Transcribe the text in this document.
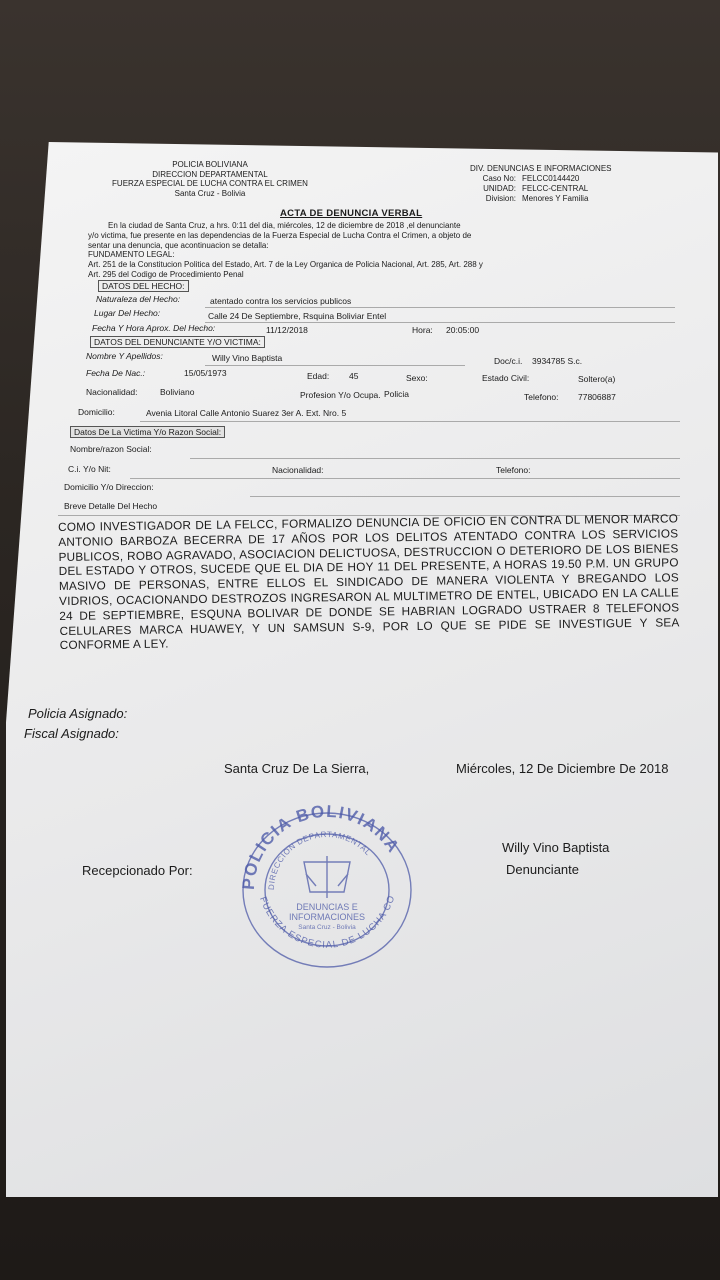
POLICIA BOLIVIANA
DIRECCION DEPARTAMENTAL
FUERZA ESPECIAL DE LUCHA CONTRA EL CRIMEN
Santa Cruz - Bolivia
DIV. DENUNCIAS E INFORMACIONES
Caso No: FELCC0144420
UNIDAD: FELCC-CENTRAL
Division: Menores Y Familia
ACTA DE DENUNCIA VERBAL
En la ciudad de Santa Cruz, a hrs. 0:11 del dia, miércoles, 12 de diciembre de 2018 ,el denunciante
y/o victima, fue presente en las dependencias de la Fuerza Especial de Lucha Contra el Crimen, a objeto de
sentar una denuncia, que acontinuacion se detalla:
FUNDAMENTO LEGAL:
Art. 251 de la Constitucion Politica del Estado, Art. 7 de la Ley Organica de Policia Nacional, Art. 285, Art. 288 y
Art. 295 del Codigo de Procedimiento Penal
DATOS DEL HECHO:
Naturaleza del Hecho:	atentado contra los servicios publicos
Lugar Del Hecho:	Calle 24 De Septiembre, Rsquina Boliviar Entel
Fecha Y Hora Aprox. Del Hecho:	11/12/2018	Hora: 20:05:00
DATOS DEL DENUNCIANTE Y/O VICTIMA:
Nombre Y Apellidos:	Willy Vino Baptista	Doc/c.i. 3934785 S.c.
Fecha De Nac.:	15/05/1973	Edad: 45	Sexo:	Estado Civil:	Soltero(a)
Nacionalidad:	Boliviano	Profesion Y/o Ocupa. Policia	Telefono: 77806887
Domicilio:	Avenia Litoral Calle Antonio Suarez 3er A. Ext. Nro. 5
Datos De La Victima Y/o Razon Social:
Nombre/razon Social:
C.i. Y/o Nit:	Nacionalidad:	Telefono:
Domicilio Y/o Direccion:
Breve Detalle Del Hecho
COMO INVESTIGADOR DE LA FELCC, FORMALIZO DENUNCIA DE OFICIO EN CONTRA DL MENOR MARCO ANTONIO BARBOZA BECERRA DE 17 AÑOS POR LOS DELITOS ATENTADO CONTRA LOS SERVICIOS PUBLICOS, ROBO AGRAVADO, ASOCIACION DELICTUOSA, DESTRUCCION O DETERIORO DE LOS BIENES DEL ESTADO Y OTROS, SUCEDE QUE EL DIA DE HOY 11 DEL PRESENTE, A HORAS 19.50 P.M. UN GRUPO MASIVO DE PERSONAS, ENTRE ELLOS EL SINDICADO DE MANERA VIOLENTA Y BREGANDO LOS VIDRIOS, OCACIONANDO DESTROZOS INGRESARON AL MULTIMETRO DE ENTEL, UBICADO EN LA CALLE 24 DE SEPTIEMBRE, ESQUNA BOLIVAR DE DONDE SE HABRIAN LOGRADO USTRAER 8 TELEFONOS CELULARES MARCA HUAWEY, Y UN SAMSUN S-9, POR LO QUE SE PIDE SE INVESTIGUE Y SEA CONFORME A LEY.
Policia Asignado:
Fiscal Asignado:
Santa Cruz De La Sierra,	Miércoles, 12 De Diciembre De 2018
Recepcionado Por:
Willy Vino Baptista
Denunciante
POLICIA BOLIVIANA
DIRECCION DEPARTAMENTAL
DENUNCIAS E
INFORMACIONES
Santa Cruz - Bolivia
FUERZA ESPECIAL DE LUCHA CO
